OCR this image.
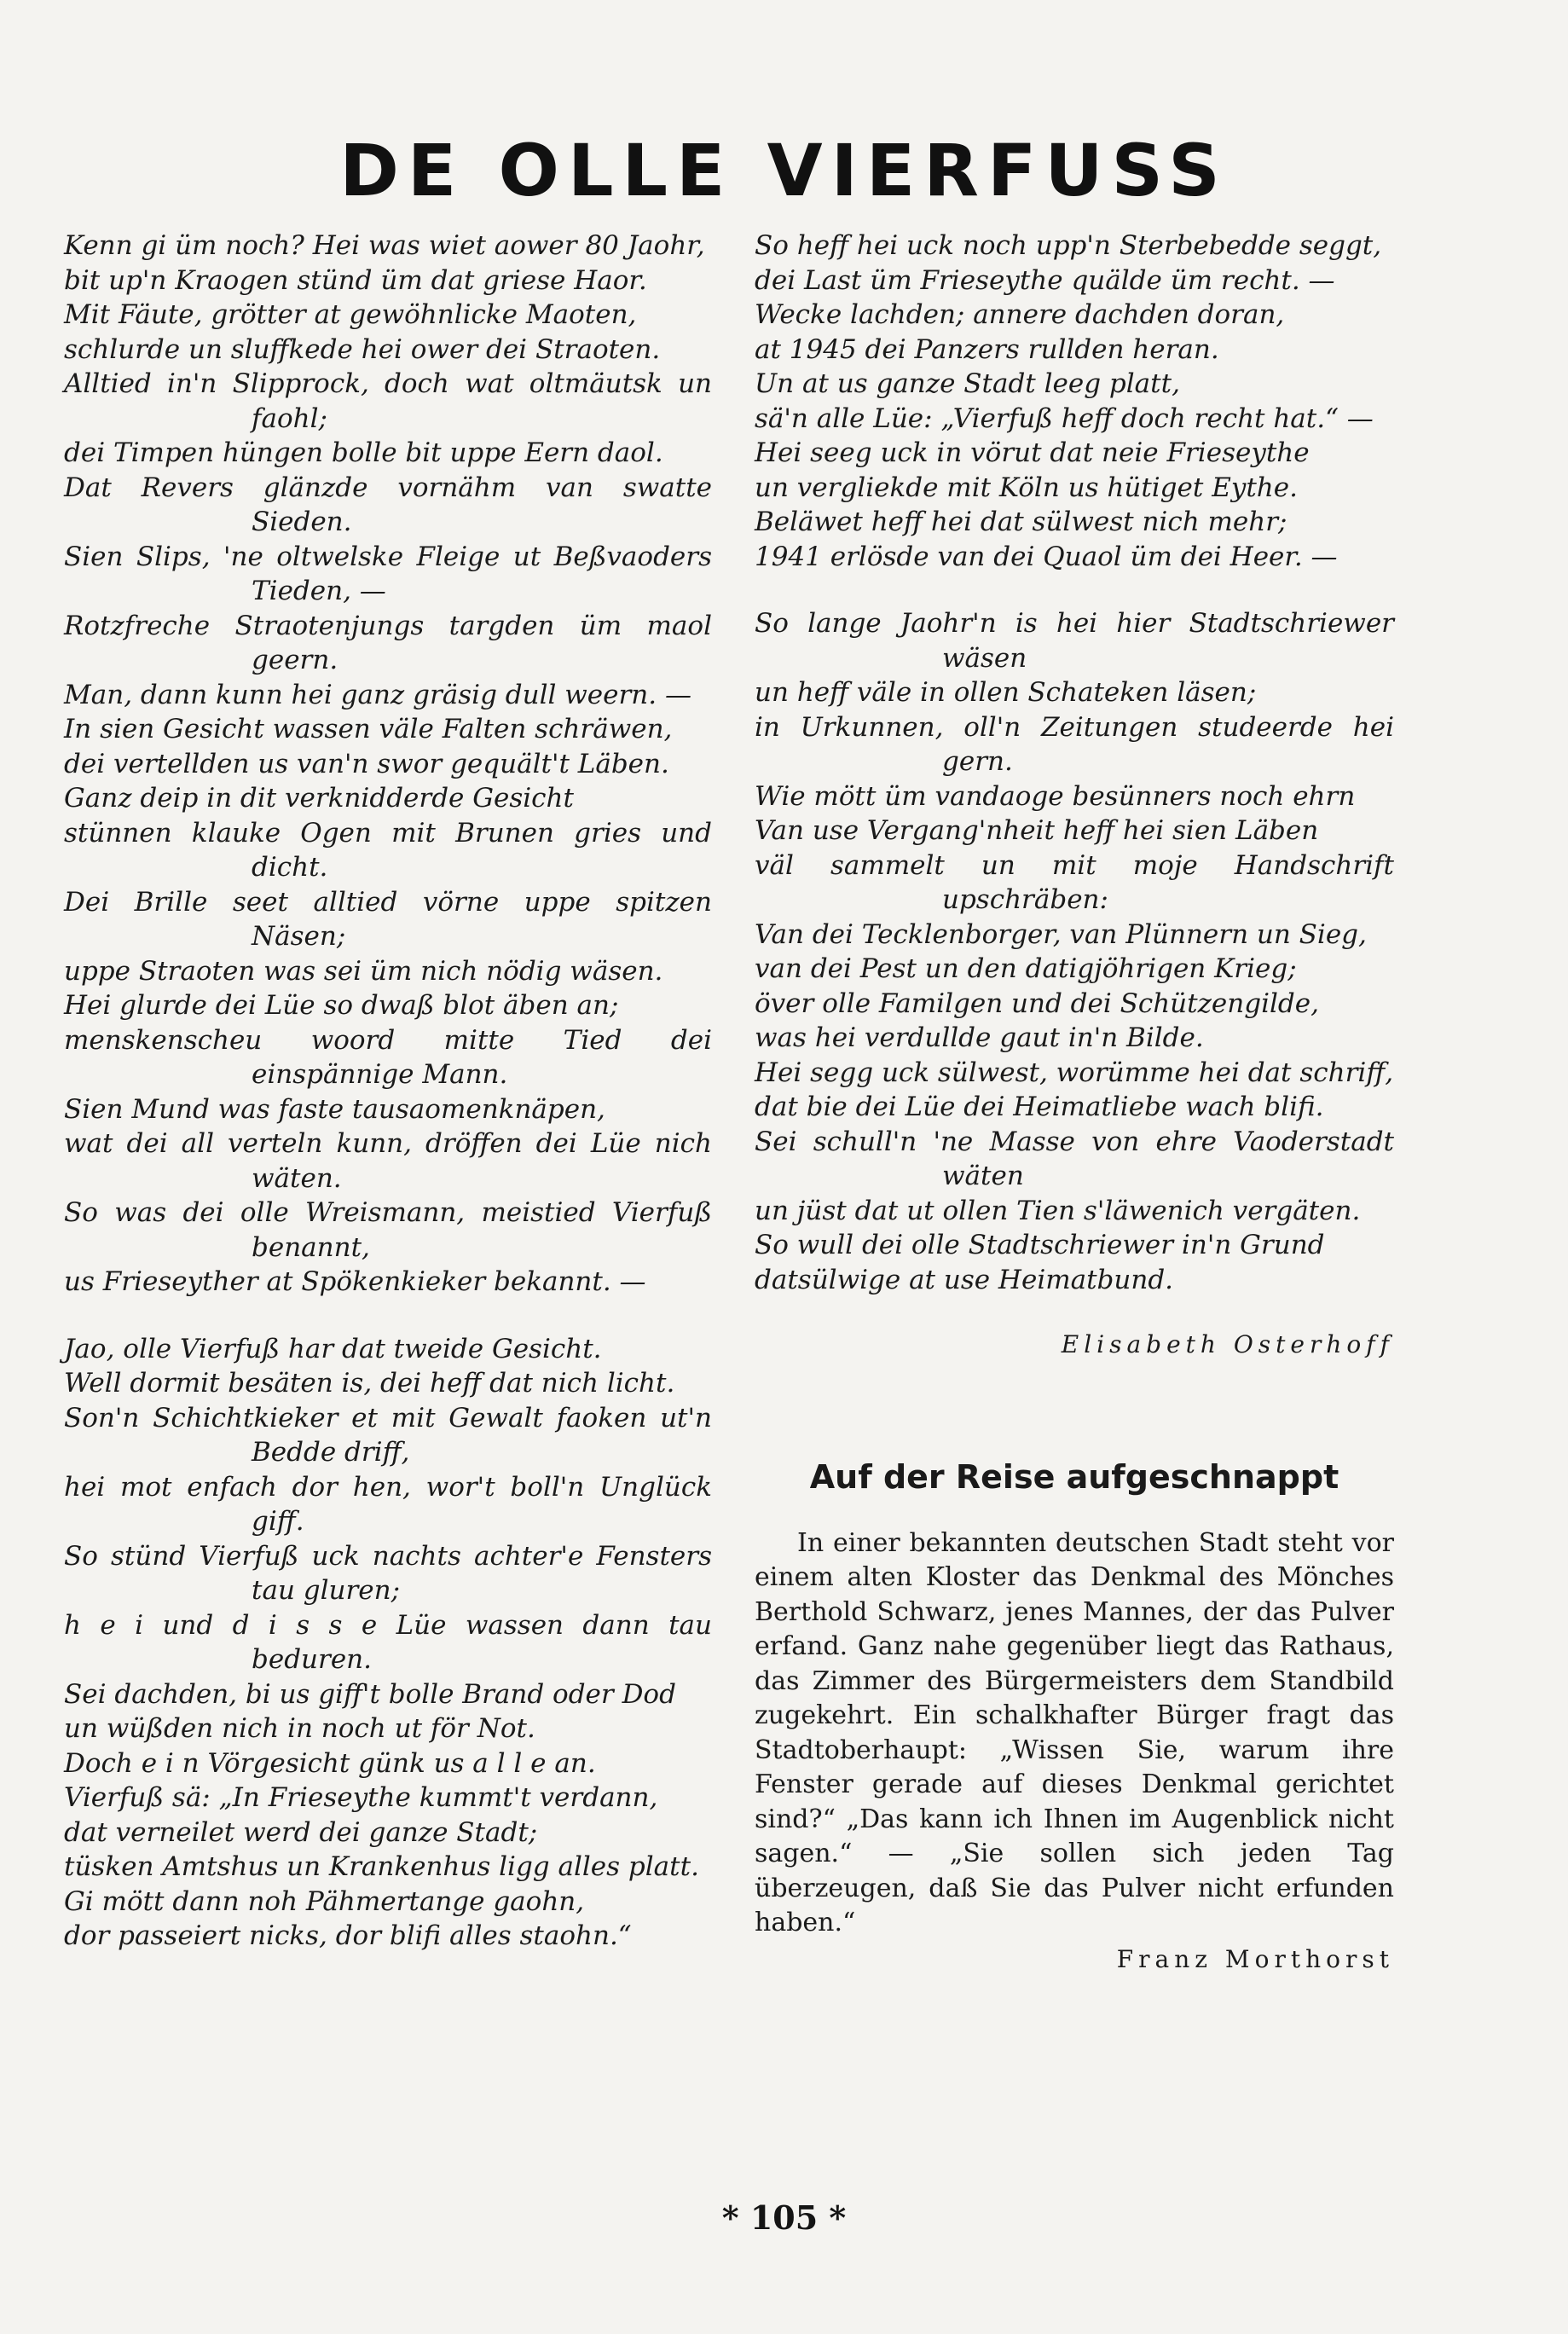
DE OLLE VIERFUSS
Kenn gi üm noch? Hei was wiet aower 80 Jaohr,
bit up'n Kraogen stünd üm dat griese Haor.
Mit Fäute, grötter at gewöhnlicke Maoten,
schlurde un sluffkede hei ower dei Straoten.
Alltied in'n Slipprock, doch wat oltmäutsk un faohl;
dei Timpen hüngen bolle bit uppe Eern daol.
Dat Revers glänzde vornähm van swatte Sieden.
Sien Slips, 'ne oltwelske Fleige ut Beßvaoders Tieden, —
Rotzfreche Straotenjungs targden üm maol geern.
Man, dann kunn hei ganz gräsig dull weern. —
In sien Gesicht wassen väle Falten schräwen,
dei vertellden us van'n swor gequält't Läben.
Ganz deip in dit verknidderde Gesicht
stünnen klauke Ogen mit Brunen gries und dicht.
Dei Brille seet alltied vörne uppe spitzen Näsen;
uppe Straoten was sei üm nich nödig wäsen.
Hei glurde dei Lüe so dwaß blot äben an;
menskenscheu woord mitte Tied dei einspännige Mann.
Sien Mund was faste tausaomenknäpen,
wat dei all verteln kunn, dröffen dei Lüe nich wäten.
So was dei olle Wreismann, meistied Vierfuß benannt,
us Frieseyther at Spökenkieker bekannt. —
Jao, olle Vierfuß har dat tweide Gesicht.
Well dormit besäten is, dei heff dat nich licht.
Son'n Schichtkieker et mit Gewalt faoken ut'n Bedde driff,
hei mot enfach dor hen, wor't boll'n Unglück giff.
So stünd Vierfuß uck nachts achter'e Fensters tau gluren;
h e i und d i s s e Lüe wassen dann tau beduren.
Sei dachden, bi us giff't bolle Brand oder Dod
un wüßden nich in noch ut för Not.
Doch e i n Vörgesicht günk us a l l e an.
Vierfuß sä: „In Frieseythe kummt't verdann,
dat verneilet werd dei ganze Stadt;
tüsken Amtshus un Krankenhus ligg alles platt.
Gi mött dann noh Pähmertange gaohn,
dor passeiert nicks, dor blifi alles staohn.“
So heff hei uck noch upp'n Sterbebedde seggt,
dei Last üm Frieseythe quälde üm recht. —
Wecke lachden; annere dachden doran,
at 1945 dei Panzers rullden heran.
Un at us ganze Stadt leeg platt,
sä'n alle Lüe: „Vierfuß heff doch recht hat.“ —
Hei seeg uck in vörut dat neie Frieseythe
un vergliekde mit Köln us hütiget Eythe.
Beläwet heff hei dat sülwest nich mehr;
1941 erlösde van dei Quaol üm dei Heer. —
So lange Jaohr'n is hei hier Stadtschriewer wäsen
un heff väle in ollen Schateken läsen;
in Urkunnen, oll'n Zeitungen studeerde hei gern.
Wie mött üm vandaoge besünners noch ehrn
Van use Vergang'nheit heff hei sien Läben
väl sammelt un mit moje Handschrift upschräben:
Van dei Tecklenborger, van Plünnern un Sieg,
van dei Pest un den datigjöhrigen Krieg;
över olle Familgen und dei Schützengilde,
was hei verdullde gaut in'n Bilde.
Hei segg uck sülwest, worümme hei dat schriff,
dat bie dei Lüe dei Heimatliebe wach blifi.
Sei schull'n 'ne Masse von ehre Vaoderstadt wäten
un jüst dat ut ollen Tien s'läwenich vergäten.
So wull dei olle Stadtschriewer in'n Grund
datsülwige at use Heimatbund.
Elisabeth Osterhoff
Auf der Reise aufgeschnappt

In einer bekannten deutschen Stadt steht vor einem alten Kloster das Denkmal des Mönches Berthold Schwarz, jenes Mannes, der das Pulver erfand. Ganz nahe gegenüber liegt das Rathaus, das Zimmer des Bürgermeisters dem Standbild zugekehrt. Ein schalkhafter Bürger fragt das Stadtoberhaupt: „Wissen Sie, warum ihre Fenster gerade auf dieses Denkmal gerichtet sind?“ „Das kann ich Ihnen im Augenblick nicht sagen.“ — „Sie sollen sich jeden Tag überzeugen, daß Sie das Pulver nicht erfunden haben.“

Franz Morthorst
* 105 *
